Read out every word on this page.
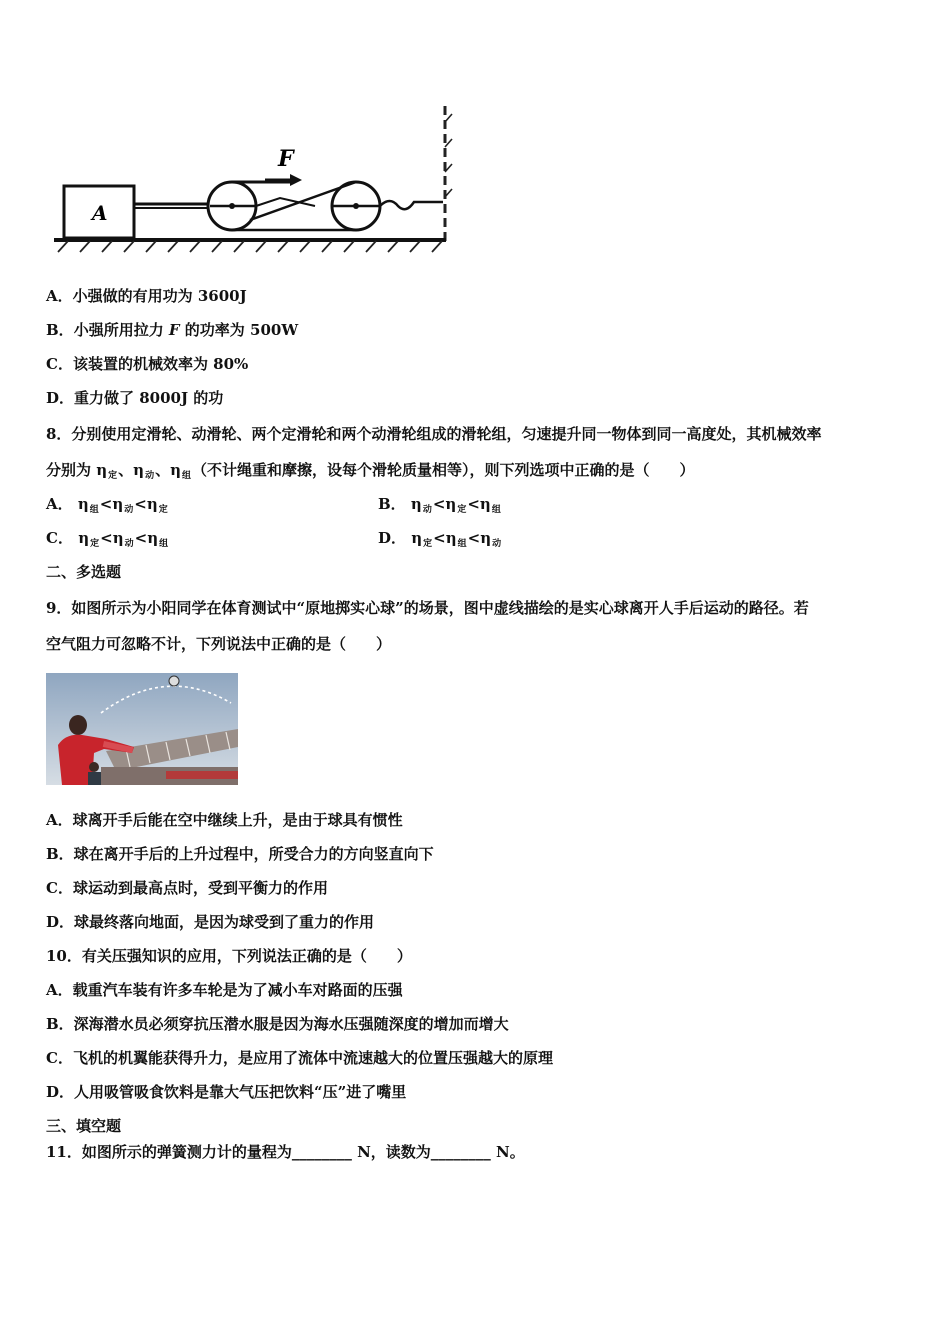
A
F
A．小强做的有用功为 3600J
B．小强所用拉力 F 的功率为 500W
C．该装置的机械效率为 80%
D．重力做了 8000J 的功
8．分别使用定滑轮、动滑轮、两个定滑轮和两个动滑轮组成的滑轮组，匀速提升同一物体到同一高度处，其机械效率
分别为 $\eta_定$、$\eta_动$、$\eta_组$（不计绳重和摩擦，设每个滑轮质量相等），则下列选项中正确的是（　　）
A． $\eta_组<\eta_动<\eta_定$	B． $\eta_动<\eta_定<\eta_组$
C． $\eta_定<\eta_动<\eta_组$	D． $\eta_定<\eta_组<\eta_动$
二、多选题
9．如图所示为小阳同学在体育测试中“原地掷实心球”的场景，图中虚线描绘的是实心球离开人手后运动的路径。若
空气阻力可忽略不计，下列说法中正确的是（　　）
A．球离开手后能在空中继续上升，是由于球具有惯性
B．球在离开手后的上升过程中，所受合力的方向竖直向下
C．球运动到最高点时，受到平衡力的作用
D．球最终落向地面，是因为球受到了重力的作用
10．有关压强知识的应用，下列说法正确的是（　　）
A．载重汽车装有许多车轮是为了减小车对路面的压强
B．深海潜水员必须穿抗压潜水服是因为海水压强随深度的增加而增大
C．飞机的机翼能获得升力，是应用了流体中流速越大的位置压强越大的原理
D．人用吸管吸食饮料是靠大气压把饮料“压”进了嘴里
三、填空题
11．如图所示的弹簧测力计的量程为________ N，读数为________ N。
